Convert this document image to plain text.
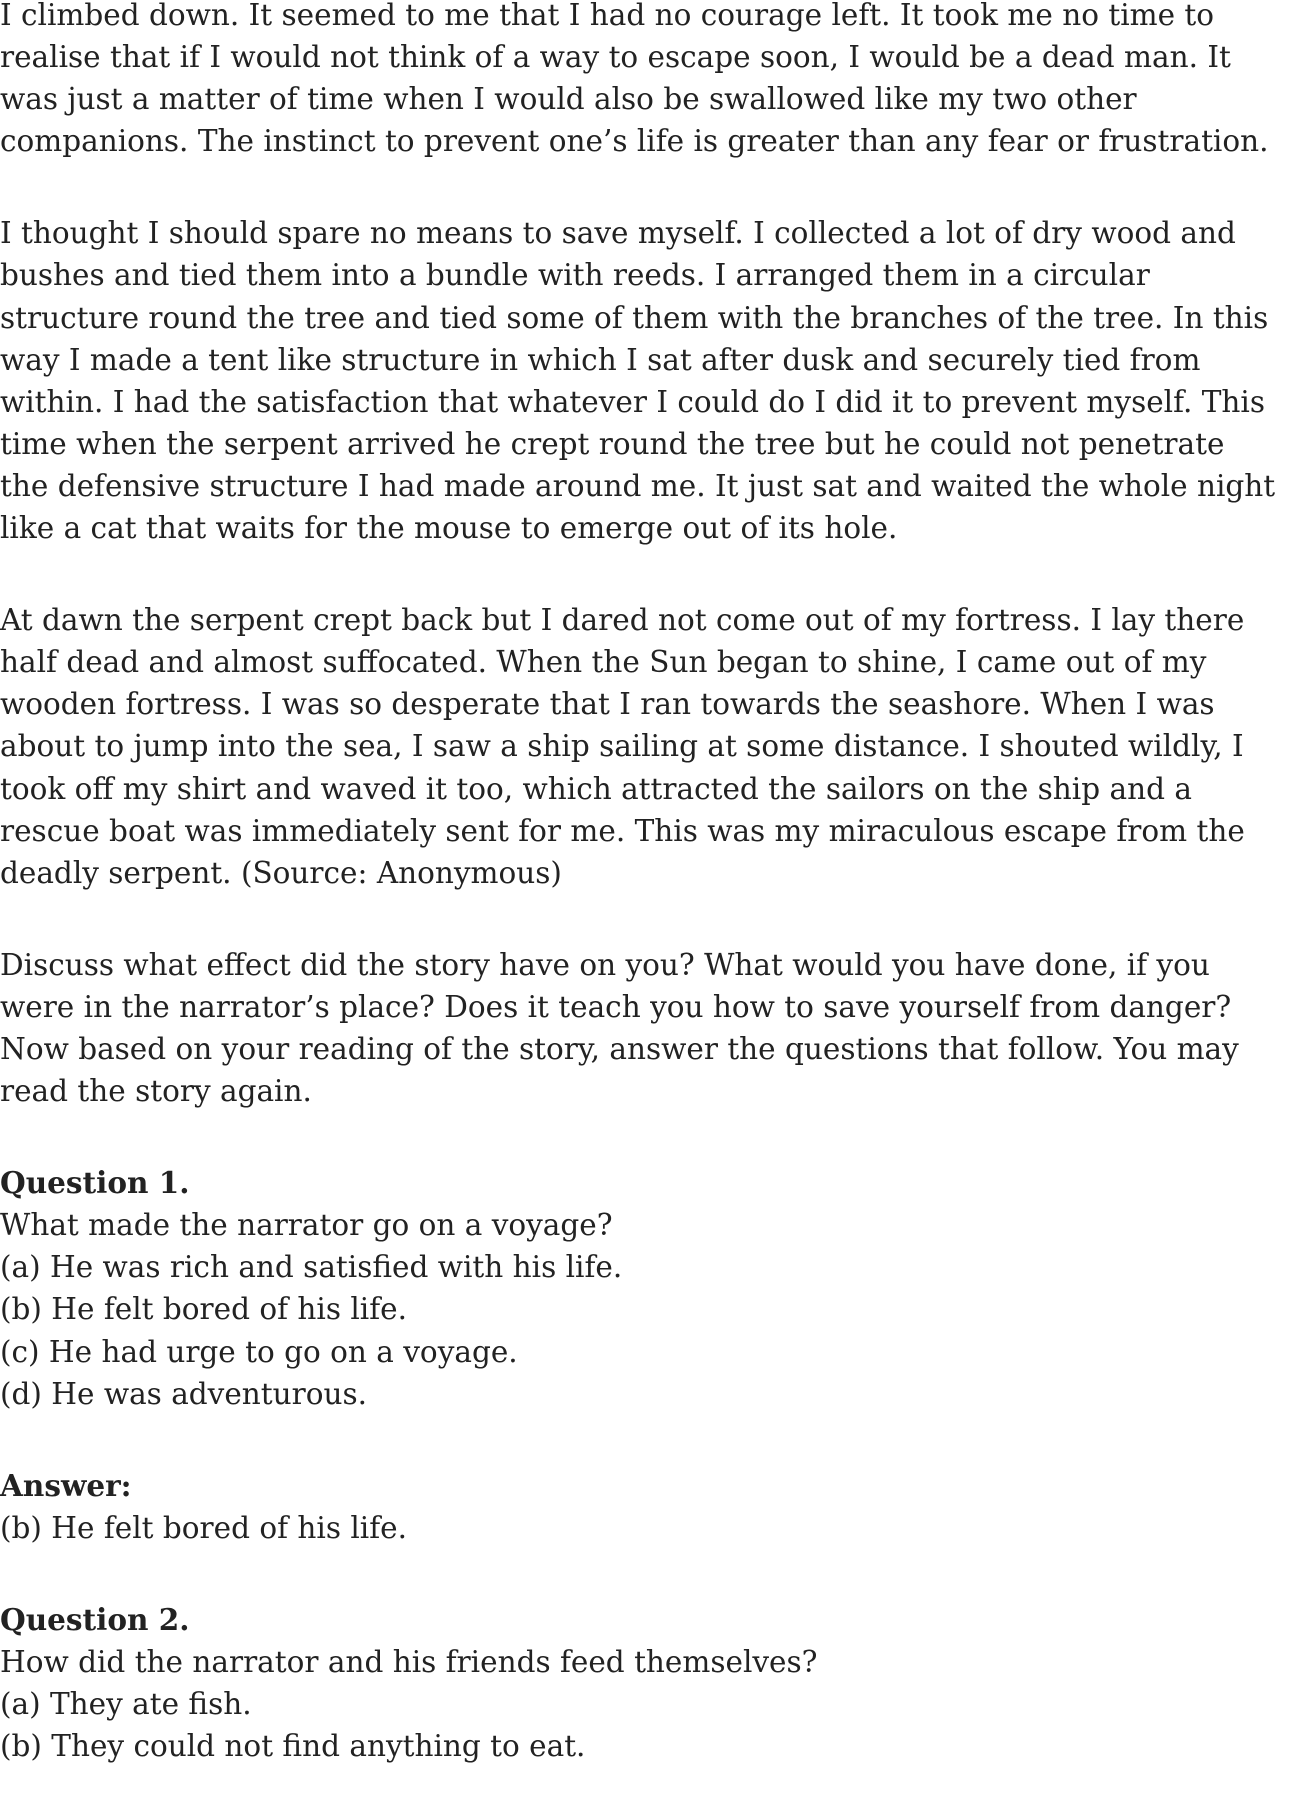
I climbed down. It seemed to me that I had no courage left. It took me no time to
realise that if I would not think of a way to escape soon, I would be a dead man. It
was just a matter of time when I would also be swallowed like my two other
companions. The instinct to prevent one’s life is greater than any fear or frustration.

I thought I should spare no means to save myself. I collected a lot of dry wood and
bushes and tied them into a bundle with reeds. I arranged them in a circular
structure round the tree and tied some of them with the branches of the tree. In this
way I made a tent like structure in which I sat after dusk and securely tied from
within. I had the satisfaction that whatever I could do I did it to prevent myself. This
time when the serpent arrived he crept round the tree but he could not penetrate
the defensive structure I had made around me. It just sat and waited the whole night
like a cat that waits for the mouse to emerge out of its hole.

At dawn the serpent crept back but I dared not come out of my fortress. I lay there
half dead and almost suffocated. When the Sun began to shine, I came out of my
wooden fortress. I was so desperate that I ran towards the seashore. When I was
about to jump into the sea, I saw a ship sailing at some distance. I shouted wildly, I
took off my shirt and waved it too, which attracted the sailors on the ship and a
rescue boat was immediately sent for me. This was my miraculous escape from the
deadly serpent. (Source: Anonymous)

Discuss what effect did the story have on you? What would you have done, if you
were in the narrator’s place? Does it teach you how to save yourself from danger?
Now based on your reading of the story, answer the questions that follow. You may
read the story again.

Question 1.
What made the narrator go on a voyage?
(a) He was rich and satisfied with his life.
(b) He felt bored of his life.
(c) He had urge to go on a voyage.
(d) He was adventurous.
Answer:
(b) He felt bored of his life.
Question 2.
How did the narrator and his friends feed themselves?
(a) They ate fish.
(b) They could not find anything to eat.
